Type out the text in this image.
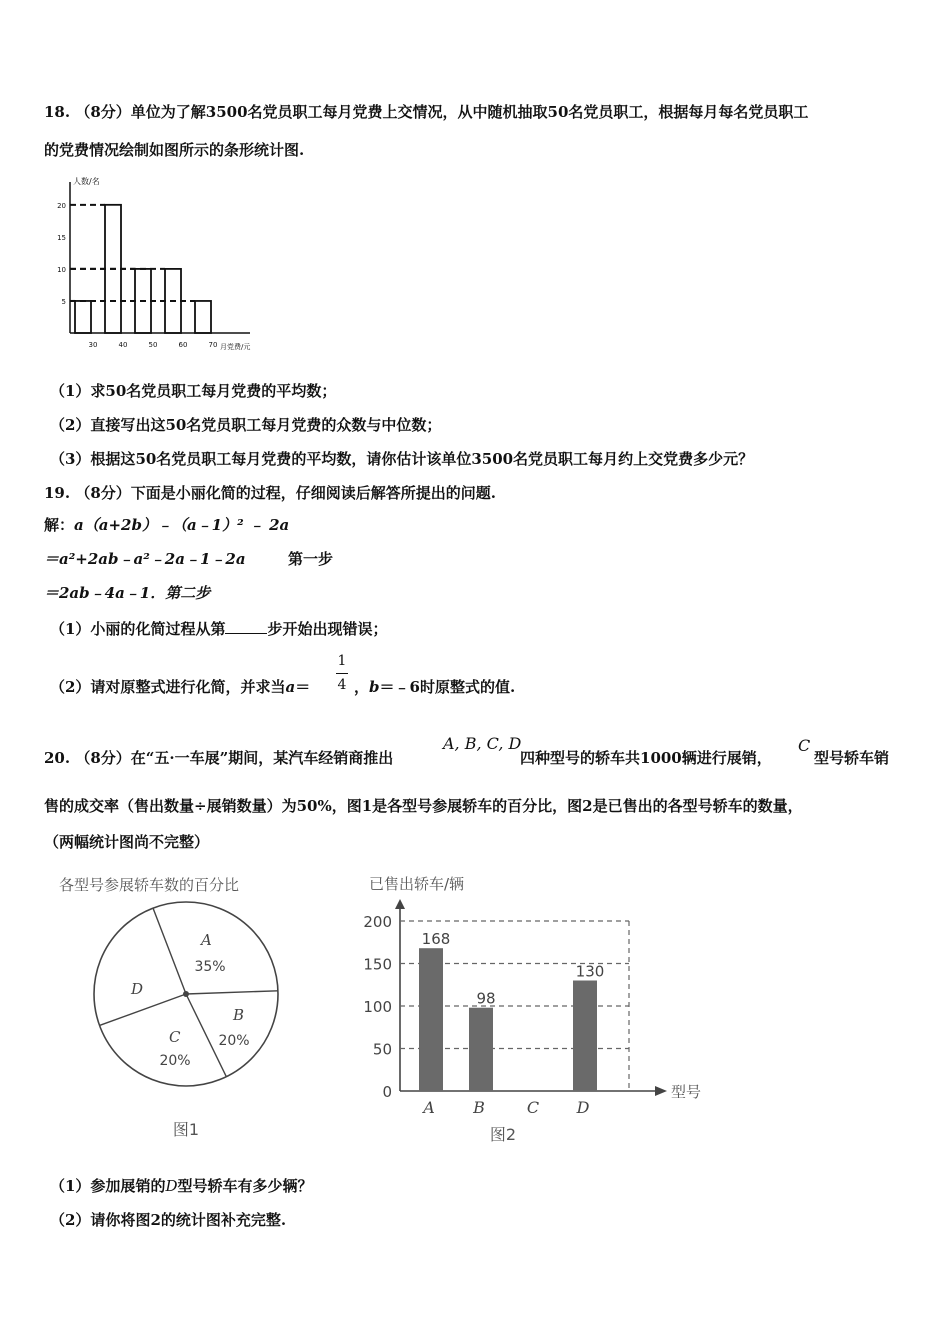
18. （8分）单位为了解3500名党员职工每月党费上交情况，从中随机抽取50名党员职工，根据每月每名党员职工
的党费情况绘制如图所示的条形统计图.
人数/名
月党费/元
5
10
15
20
30	40	50	60	70
（1）求50名党员职工每月党费的平均数；
（2）直接写出这50名党员职工每月党费的众数与中位数；
（3）根据这50名党员职工每月党费的平均数，请你估计该单位3500名党员职工每月约上交党费多少元？
19. （8分）下面是小丽化简的过程，仔细阅读后解答所提出的问题.
解：a（a+2b）﹣（a﹣1）² ﹣ 2a
＝a²+2ab﹣a²﹣2a﹣1﹣2a	第一步
＝2ab﹣4a﹣1．第二步
（1）小丽的化简过程从第	步开始出现错误；
1
4
（2）请对原整式进行化简，并求当a＝	，b＝﹣6时原整式的值.
20. （8分）在“五·一车展”期间，某汽车经销商推出
A, B, C, D
四种型号的轿车共1000辆进行展销，
C
型号轿车销
售的成交率（售出数量÷展销数量）为50%，图1是各型号参展轿车的百分比，图2是已售出的各型号轿车的数量，
（两幅统计图尚不完整）
各型号参展轿车数的百分比
A
35%
B
20%
C
20%
D
图1
已售出轿车/辆
型号
0
50
100
150
200
168
A
98
B	C
130
D
图2
（1）参加展销的D型号轿车有多少辆？
（2）请你将图2的统计图补充完整.
